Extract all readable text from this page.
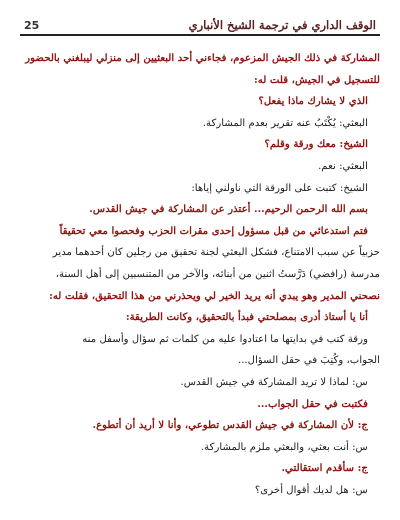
25	الوقف الداري في ترجمة الشيخ الأنباري
المشاركة في ذلك الجيش المزعوم، فجاءني أحد البعثيين إلى منزلي ليبلغني بالحضور
للتسجيل في الجيش، قلت له:
الذي لا يشارك ماذا يفعل؟
البعثي: يُكْتَبُ عنه تقرير بعدم المشاركة.
الشيخ: معك ورقة وقلم؟
البعثي: نعم.
الشيخ: كتبت على الورقة التي ناولني إياها:
بسم الله الرحمن الرحيم... أعتذر عن المشاركة في جيش القدس.
فتم استدعائي من قبل مسؤول إحدى مقرات الحزب وفحصوا معي تحقيقاً
حزبياً عن سبب الامتناع، فشكل البعثي لجنة تحقيق من رجلين كان أحدهما مدير
مدرسة (رافضي) دَرَّستُ اثنين من أبنائه، والآخر من المتنسبين إلى أهل السنة،
نصحني المدير وهو يبدي أنه يريد الخير لي ويحذرني من هذا التحقيق، فقلت له:
أنا يا أستاذ أدرى بمصلحتي فبدأ بالتحقيق، وكانت الطريقة:
ورقة كتب في بدايتها ما اعتادوا عليه من كلمات ثم سؤال وأسفل منه
الجواب، وكُتِبَ في حقل السؤال...
س: لماذا لا تريد المشاركة في جيش القدس.
فكتبت في حقل الجواب...
ج: لأن المشاركة في جيش القدس تطوعي، وأنا لا أريد أن أتطوع.
س: أنت بعثي، والبعثي ملزم بالمشاركة.
ج: سأقدم استقالتي.
س: هل لديك أقوال أخرى؟
